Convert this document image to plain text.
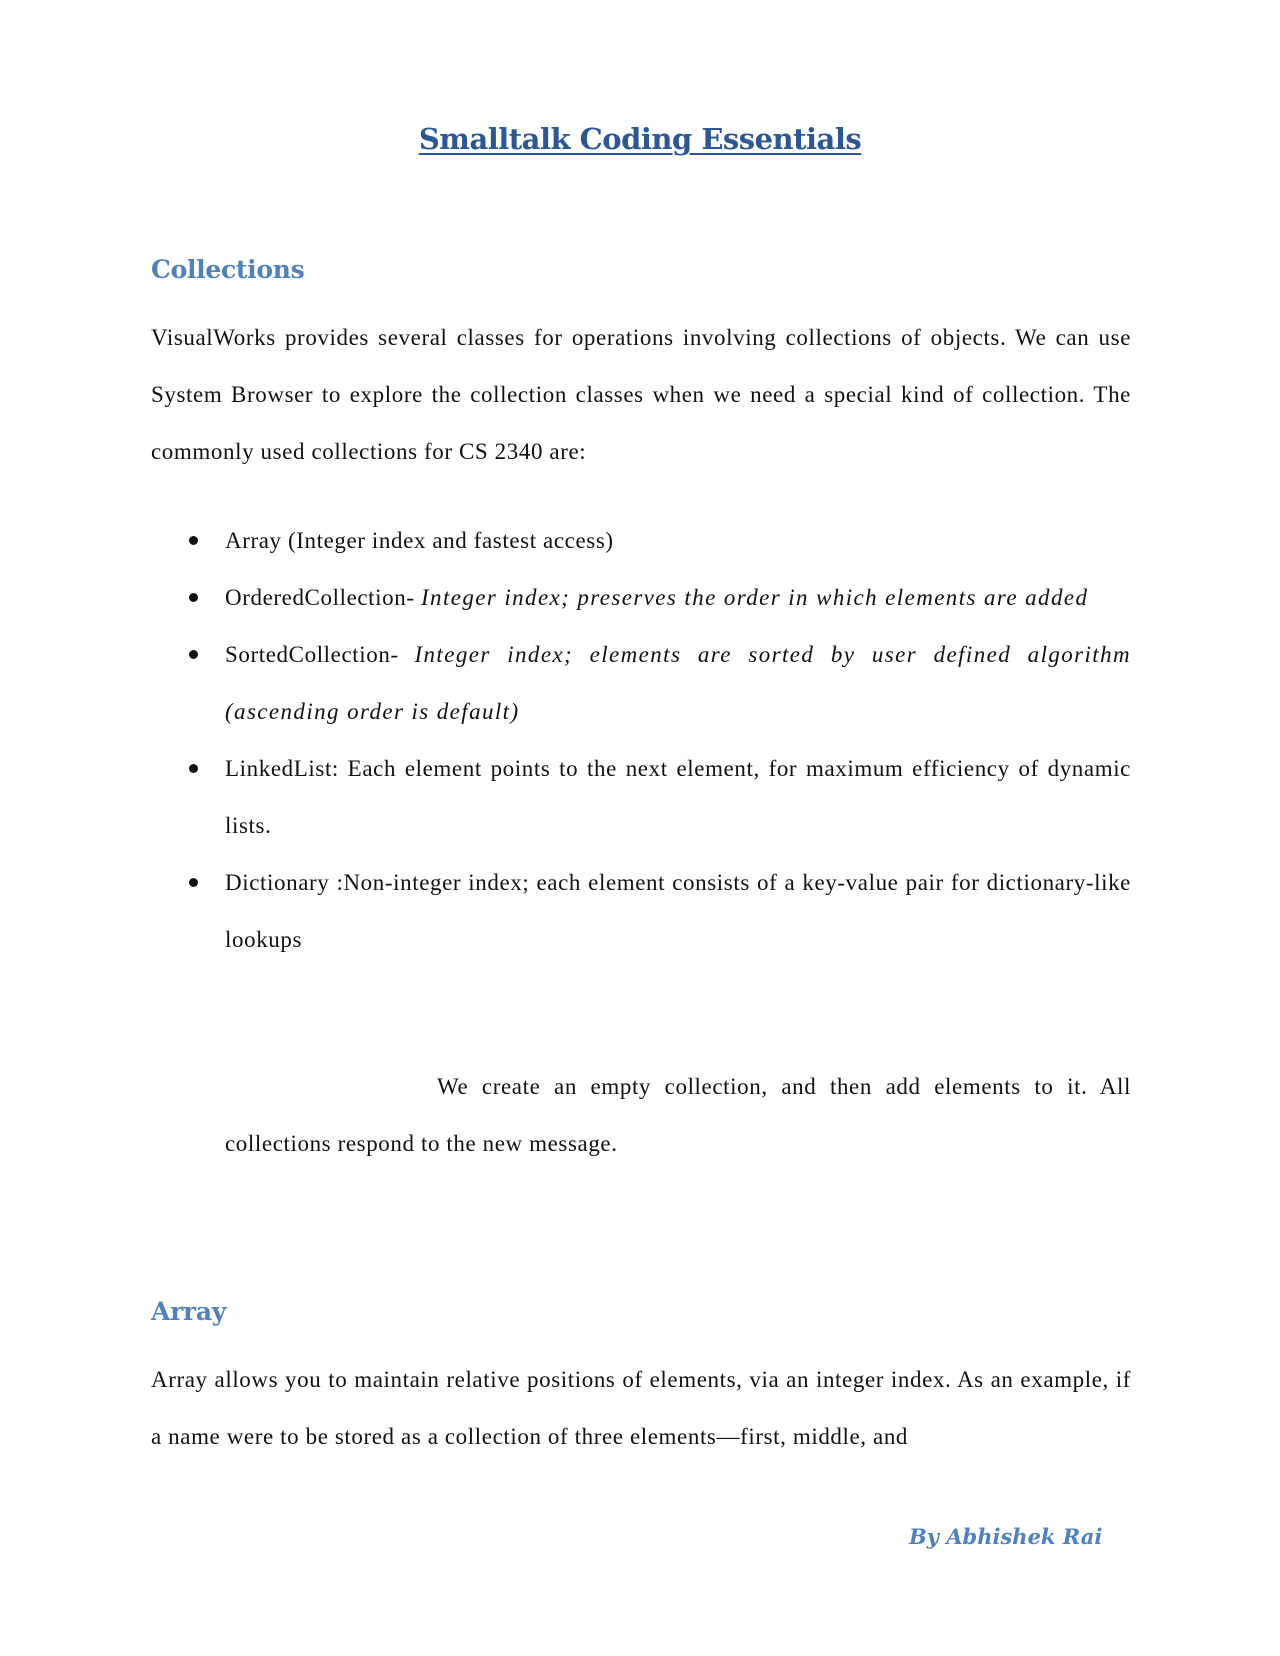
Smalltalk Coding Essentials
Collections

VisualWorks provides several classes for operations involving collections of objects. We can use System Browser to explore the collection classes when we need a special kind of collection. The commonly used collections for CS 2340 are:

Array (Integer index and fastest access)
OrderedCollection- Integer index; preserves the order in which elements are added
SortedCollection- Integer index; elements are sorted by user defined algorithm (ascending order is default)
LinkedList: Each element points to the next element, for maximum efficiency of dynamic lists.
Dictionary :Non-integer index; each element consists of a key-value pair for dictionary-like lookups

We create an empty collection, and then add elements to it. All collections respond to the new message.

Array

Array allows you to maintain relative positions of elements, via an integer index. As an example, if a name were to be stored as a collection of three elements—first, middle, and

By Abhishek Rai
